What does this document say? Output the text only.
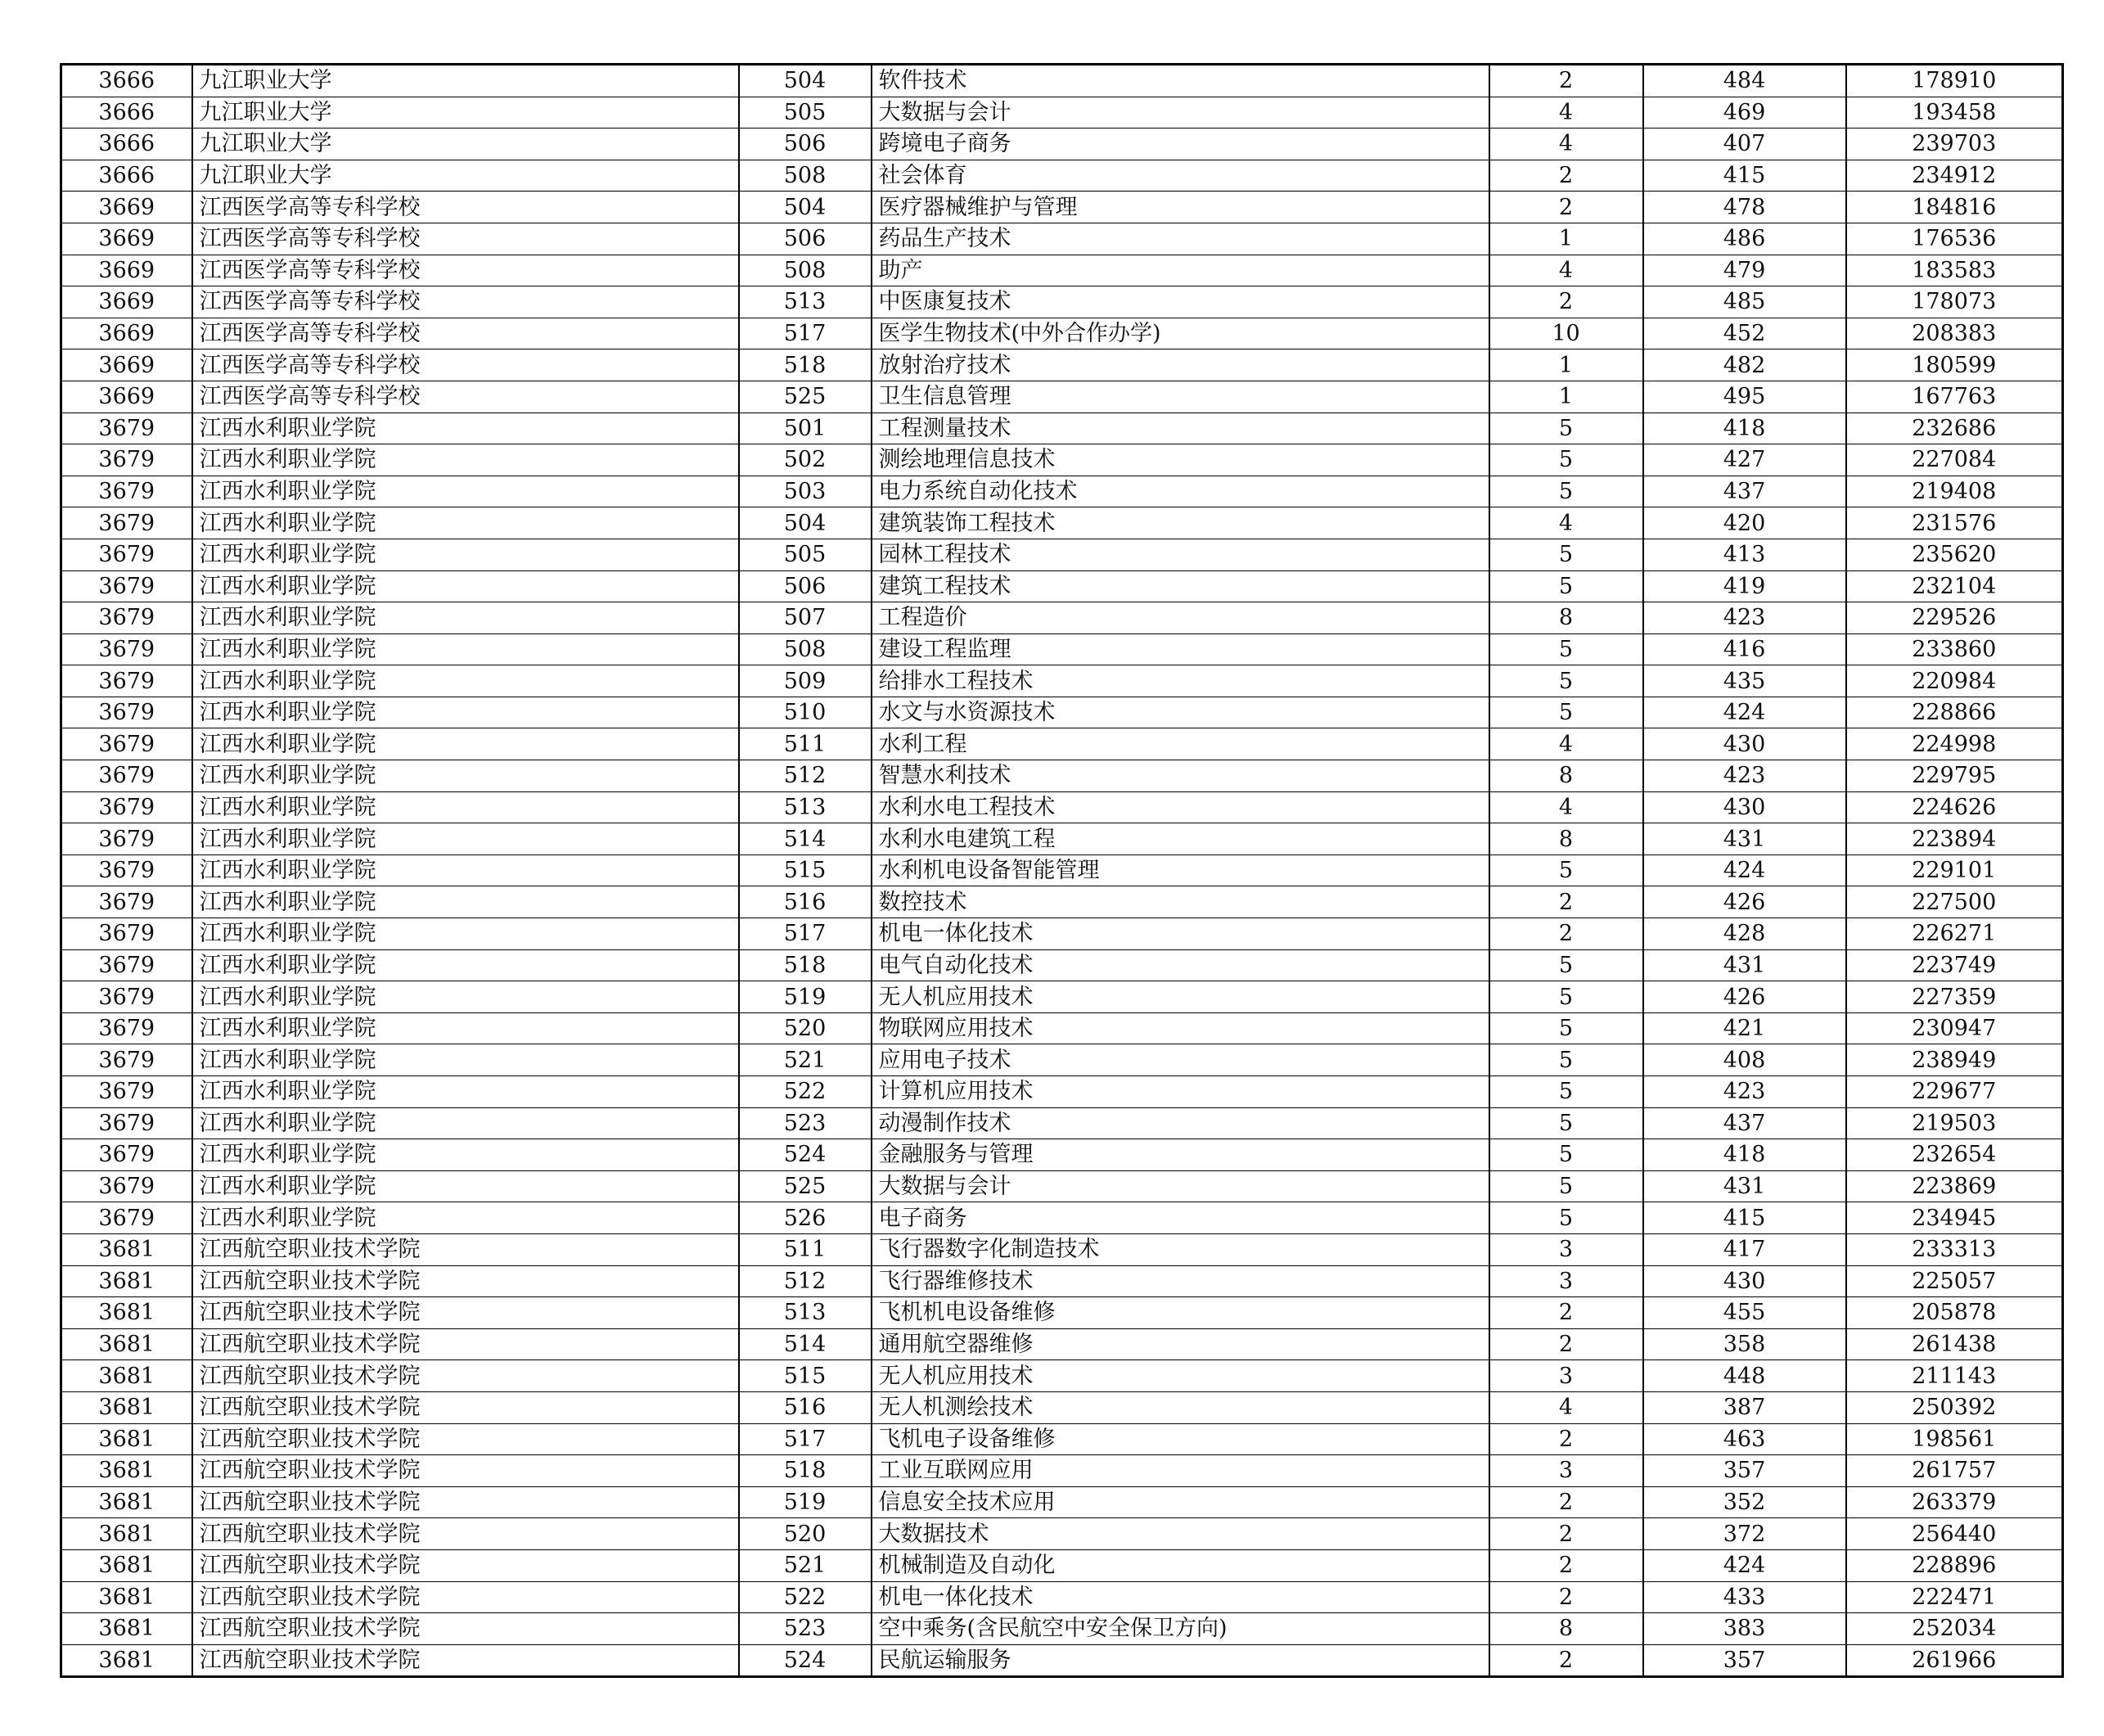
3666	九江职业大学	504	软件技术	2	484	178910
3666	九江职业大学	505	大数据与会计	4	469	193458
3666	九江职业大学	506	跨境电子商务	4	407	239703
3666	九江职业大学	508	社会体育	2	415	234912
3669	江西医学高等专科学校	504	医疗器械维护与管理	2	478	184816
3669	江西医学高等专科学校	506	药品生产技术	1	486	176536
3669	江西医学高等专科学校	508	助产	4	479	183583
3669	江西医学高等专科学校	513	中医康复技术	2	485	178073
3669	江西医学高等专科学校	517	医学生物技术(中外合作办学)	10	452	208383
3669	江西医学高等专科学校	518	放射治疗技术	1	482	180599
3669	江西医学高等专科学校	525	卫生信息管理	1	495	167763
3679	江西水利职业学院	501	工程测量技术	5	418	232686
3679	江西水利职业学院	502	测绘地理信息技术	5	427	227084
3679	江西水利职业学院	503	电力系统自动化技术	5	437	219408
3679	江西水利职业学院	504	建筑装饰工程技术	4	420	231576
3679	江西水利职业学院	505	园林工程技术	5	413	235620
3679	江西水利职业学院	506	建筑工程技术	5	419	232104
3679	江西水利职业学院	507	工程造价	8	423	229526
3679	江西水利职业学院	508	建设工程监理	5	416	233860
3679	江西水利职业学院	509	给排水工程技术	5	435	220984
3679	江西水利职业学院	510	水文与水资源技术	5	424	228866
3679	江西水利职业学院	511	水利工程	4	430	224998
3679	江西水利职业学院	512	智慧水利技术	8	423	229795
3679	江西水利职业学院	513	水利水电工程技术	4	430	224626
3679	江西水利职业学院	514	水利水电建筑工程	8	431	223894
3679	江西水利职业学院	515	水利机电设备智能管理	5	424	229101
3679	江西水利职业学院	516	数控技术	2	426	227500
3679	江西水利职业学院	517	机电一体化技术	2	428	226271
3679	江西水利职业学院	518	电气自动化技术	5	431	223749
3679	江西水利职业学院	519	无人机应用技术	5	426	227359
3679	江西水利职业学院	520	物联网应用技术	5	421	230947
3679	江西水利职业学院	521	应用电子技术	5	408	238949
3679	江西水利职业学院	522	计算机应用技术	5	423	229677
3679	江西水利职业学院	523	动漫制作技术	5	437	219503
3679	江西水利职业学院	524	金融服务与管理	5	418	232654
3679	江西水利职业学院	525	大数据与会计	5	431	223869
3679	江西水利职业学院	526	电子商务	5	415	234945
3681	江西航空职业技术学院	511	飞行器数字化制造技术	3	417	233313
3681	江西航空职业技术学院	512	飞行器维修技术	3	430	225057
3681	江西航空职业技术学院	513	飞机机电设备维修	2	455	205878
3681	江西航空职业技术学院	514	通用航空器维修	2	358	261438
3681	江西航空职业技术学院	515	无人机应用技术	3	448	211143
3681	江西航空职业技术学院	516	无人机测绘技术	4	387	250392
3681	江西航空职业技术学院	517	飞机电子设备维修	2	463	198561
3681	江西航空职业技术学院	518	工业互联网应用	3	357	261757
3681	江西航空职业技术学院	519	信息安全技术应用	2	352	263379
3681	江西航空职业技术学院	520	大数据技术	2	372	256440
3681	江西航空职业技术学院	521	机械制造及自动化	2	424	228896
3681	江西航空职业技术学院	522	机电一体化技术	2	433	222471
3681	江西航空职业技术学院	523	空中乘务(含民航空中安全保卫方向)	8	383	252034
3681	江西航空职业技术学院	524	民航运输服务	2	357	261966
